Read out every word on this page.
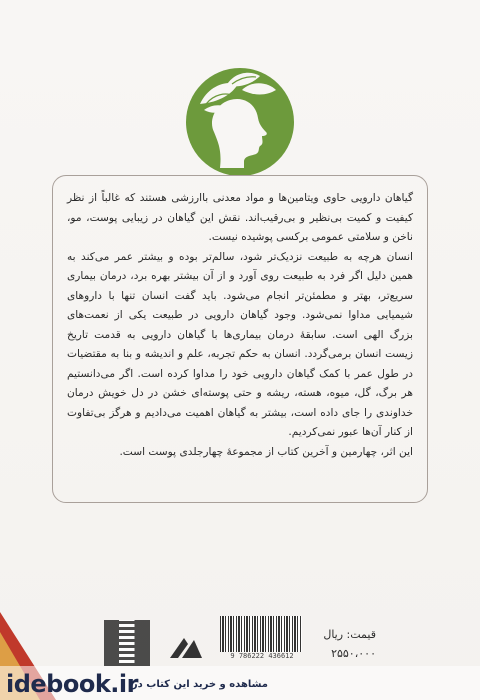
گیاهان دارویی حاوی ویتامین‌ها و مواد معدنی باارزشی هستند که غالباً از نظر کیفیت و کمیت بی‌نظیر و بی‌رقیب‌اند. نقش این گیاهان در زیبایی پوست، مو، ناخن و سلامتی عمومی برکسی پوشیده نیست.

انسان هرچه به طبیعت نزدیک‌تر شود، سالم‌تر بوده و بیشتر عمر می‌کند به همین دلیل اگر فرد به طبیعت روی آورد و از آن بیشتر بهره برد، درمان بیماری سریع‌تر، بهتر و مطمئن‌تر انجام می‌شود. باید گفت انسان تنها با داروهای شیمیایی مداوا نمی‌شود. وجود گیاهان دارویی در طبیعت یکی از نعمت‌های بزرگ الهی است. سابقهٔ درمان بیماری‌ها با گیاهان دارویی به قدمت تاریخ زیست انسان برمی‌گردد. انسان به حکم تجربه، علم و اندیشه و بنا به مقتضیات در طول عمر با کمک گیاهان دارویی خود را مداوا کرده است. اگر می‌دانستیم هر برگ، گل، میوه، هسته، ریشه و حتی پوسته‌ای خشن در دل خویش درمان خداوندی را جای داده است، بیشتر به گیاهان اهمیت می‌دادیم و هرگز بی‌تفاوت از کنار آن‌ها عبور نمی‌کردیم.

این اثر، چهارمین و آخرین کتاب از مجموعهٔ چهارجلدی پوست است.

9 786222 436612
قیمت: ریال
۲۵۵۰،۰۰۰
idebook.ir
مشاهده و خرید این کتاب در:
